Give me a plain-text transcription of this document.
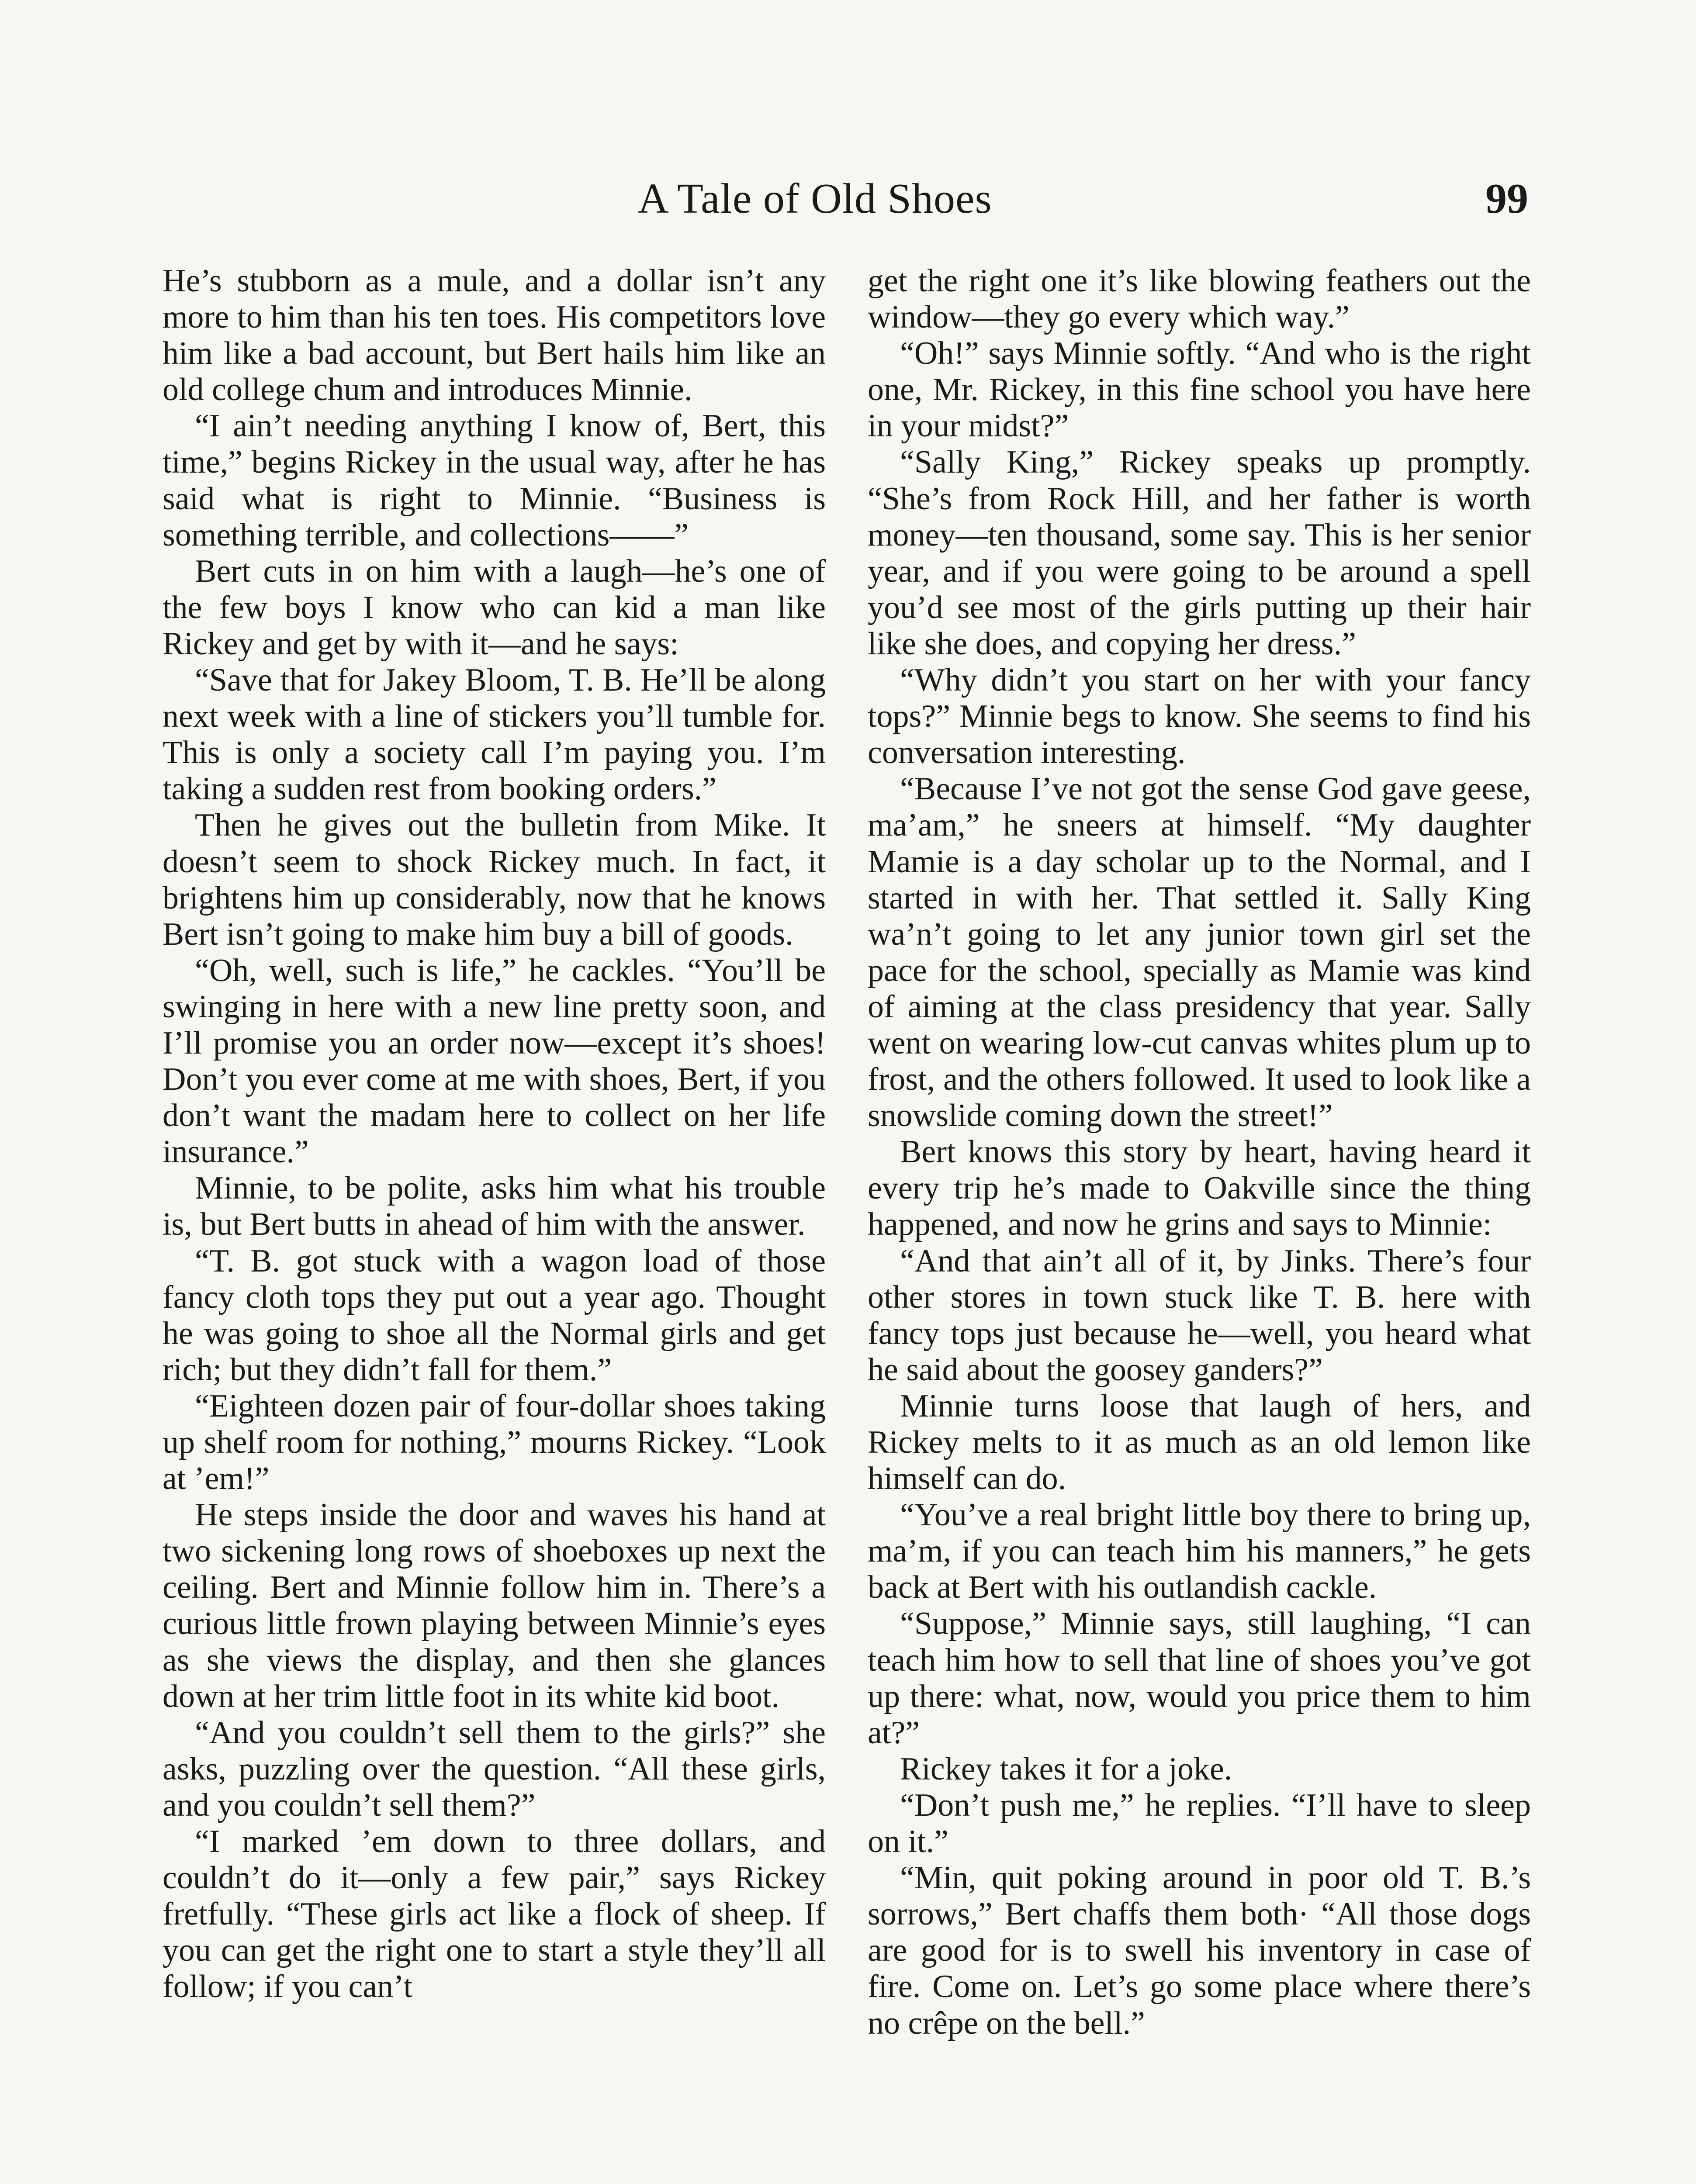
A Tale of Old Shoes	99

He’s stubborn as a mule, and a dollar isn’t any more to him than his ten toes. His competitors love him like a bad account, but Bert hails him like an old college chum and introduces Minnie.

“I ain’t needing anything I know of, Bert, this time,” begins Rickey in the usual way, after he has said what is right to Minnie. “Business is something terrible, and collections——”

Bert cuts in on him with a laugh—he’s one of the few boys I know who can kid a man like Rickey and get by with it—and he says:

“Save that for Jakey Bloom, T. B. He’ll be along next week with a line of stickers you’ll tumble for. This is only a society call I’m paying you. I’m taking a sudden rest from booking orders.”

Then he gives out the bulletin from Mike. It doesn’t seem to shock Rickey much. In fact, it brightens him up considerably, now that he knows Bert isn’t going to make him buy a bill of goods.

“Oh, well, such is life,” he cackles. “You’ll be swinging in here with a new line pretty soon, and I’ll promise you an order now—except it’s shoes! Don’t you ever come at me with shoes, Bert, if you don’t want the madam here to collect on her life insurance.”

Minnie, to be polite, asks him what his trouble is, but Bert butts in ahead of him with the answer.

“T. B. got stuck with a wagon load of those fancy cloth tops they put out a year ago. Thought he was going to shoe all the Normal girls and get rich; but they didn’t fall for them.”

“Eighteen dozen pair of four-dollar shoes taking up shelf room for nothing,” mourns Rickey. “Look at ’em!”

He steps inside the door and waves his hand at two sickening long rows of shoeboxes up next the ceiling. Bert and Minnie follow him in. There’s a curious little frown playing between Minnie’s eyes as she views the display, and then she glances down at her trim little foot in its white kid boot.

“And you couldn’t sell them to the girls?” she asks, puzzling over the question. “All these girls, and you couldn’t sell them?”

“I marked ’em down to three dollars, and couldn’t do it—only a few pair,” says Rickey fretfully. “These girls act like a flock of sheep. If you can get the right one to start a style they’ll all follow; if you can’t

get the right one it’s like blowing feathers out the window—they go every which way.”

“Oh!” says Minnie softly. “And who is the right one, Mr. Rickey, in this fine school you have here in your midst?”

“Sally King,” Rickey speaks up promptly. “She’s from Rock Hill, and her father is worth money—ten thousand, some say. This is her senior year, and if you were going to be around a spell you’d see most of the girls putting up their hair like she does, and copying her dress.”

“Why didn’t you start on her with your fancy tops?” Minnie begs to know. She seems to find his conversation interesting.

“Because I’ve not got the sense God gave geese, ma’am,” he sneers at himself. “My daughter Mamie is a day scholar up to the Normal, and I started in with her. That settled it. Sally King wa’n’t going to let any junior town girl set the pace for the school, specially as Mamie was kind of aiming at the class presidency that year. Sally went on wearing low-cut canvas whites plum up to frost, and the others followed. It used to look like a snowslide coming down the street!”

Bert knows this story by heart, having heard it every trip he’s made to Oakville since the thing happened, and now he grins and says to Minnie:

“And that ain’t all of it, by Jinks. There’s four other stores in town stuck like T. B. here with fancy tops just because he—well, you heard what he said about the goosey ganders?”

Minnie turns loose that laugh of hers, and Rickey melts to it as much as an old lemon like himself can do.

“You’ve a real bright little boy there to bring up, ma’m, if you can teach him his manners,” he gets back at Bert with his outlandish cackle.

“Suppose,” Minnie says, still laughing, “I can teach him how to sell that line of shoes you’ve got up there: what, now, would you price them to him at?”

Rickey takes it for a joke.

“Don’t push me,” he replies. “I’ll have to sleep on it.”

“Min, quit poking around in poor old T. B.’s sorrows,” Bert chaffs them both· “All those dogs are good for is to swell his inventory in case of fire. Come on. Let’s go some place where there’s no crêpe on the bell.”
